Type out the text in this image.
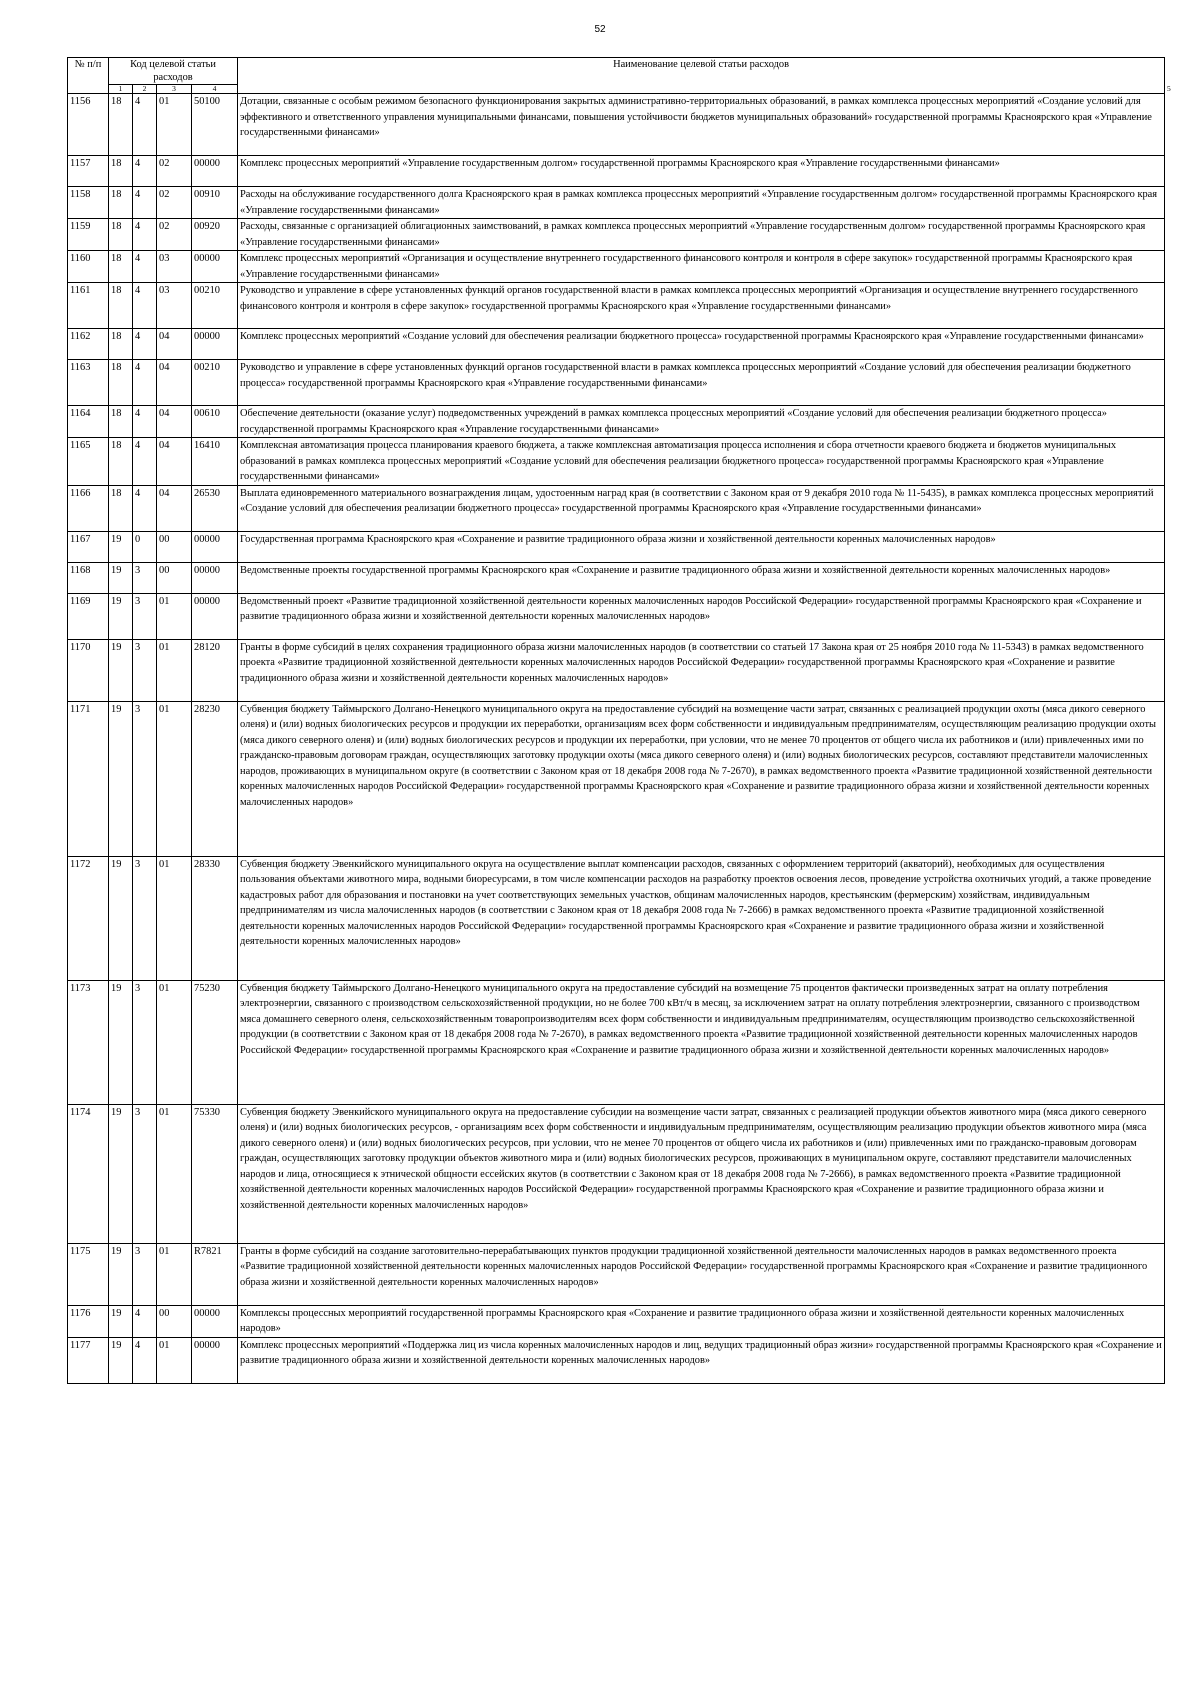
52
№ п/п	Код целевой статьи расходов				Наименование целевой статьи расходов	
	1	2	3	4		5
1156	18	4	01	50100	Дотации, связанные с особым режимом безопасного функционирования закрытых административно-территориальных образований, в рамках комплекса процессных мероприятий «Создание условий для эффективного и ответственного управления муниципальными финансами, повышения устойчивости бюджетов муниципальных образований» государственной программы Красноярского края «Управление государственными финансами»	
1157	18	4	02	00000	Комплекс процессных мероприятий «Управление государственным долгом» государственной программы Красноярского края «Управление государственными финансами»	
1158	18	4	02	00910	Расходы на обслуживание государственного долга Красноярского края в рамках комплекса процессных мероприятий «Управление государственным долгом» государственной программы Красноярского края «Управление государственными финансами»	
1159	18	4	02	00920	Расходы, связанные с организацией облигационных заимствований, в рамках комплекса процессных мероприятий «Управление государственным долгом» государственной программы Красноярского края «Управление государственными финансами»	
1160	18	4	03	00000	Комплекс процессных мероприятий «Организация и осуществление внутреннего государственного финансового контроля и контроля в сфере закупок» государственной программы Красноярского края «Управление государственными финансами»	
1161	18	4	03	00210	Руководство и управление в сфере установленных функций органов государственной власти в рамках комплекса процессных мероприятий «Организация и осуществление внутреннего государственного финансового контроля и контроля в сфере закупок» государственной программы Красноярского края «Управление государственными финансами»	
1162	18	4	04	00000	Комплекс процессных мероприятий «Создание условий для обеспечения реализации бюджетного процесса» государственной программы Красноярского края «Управление государственными финансами»	
1163	18	4	04	00210	Руководство и управление в сфере установленных функций органов государственной власти в рамках комплекса процессных мероприятий «Создание условий для обеспечения реализации бюджетного процесса» государственной программы Красноярского края «Управление государственными финансами»	
1164	18	4	04	00610	Обеспечение деятельности (оказание услуг) подведомственных учреждений в рамках комплекса процессных мероприятий «Создание условий для обеспечения реализации бюджетного процесса» государственной программы Красноярского края «Управление государственными финансами»	
1165	18	4	04	16410	Комплексная автоматизация процесса планирования краевого бюджета, а также комплексная автоматизация процесса исполнения и сбора отчетности краевого бюджета и бюджетов муниципальных образований в рамках комплекса процессных мероприятий «Создание условий для обеспечения реализации бюджетного процесса» государственной программы Красноярского края «Управление государственными финансами»	
1166	18	4	04	26530	Выплата единовременного материального вознаграждения лицам, удостоенным наград края (в соответствии с Законом края от 9 декабря 2010 года № 11-5435), в рамках комплекса процессных мероприятий «Создание условий для обеспечения реализации бюджетного процесса» государственной программы Красноярского края «Управление государственными финансами»	
1167	19	0	00	00000	Государственная программа Красноярского края «Сохранение и развитие традиционного образа жизни и хозяйственной деятельности коренных малочисленных народов»	
1168	19	3	00	00000	Ведомственные проекты государственной программы Красноярского края «Сохранение и развитие традиционного образа жизни и хозяйственной деятельности коренных малочисленных народов»	
1169	19	3	01	00000	Ведомственный проект «Развитие традиционной хозяйственной деятельности коренных малочисленных народов Российской Федерации» государственной программы Красноярского края «Сохранение и развитие традиционного образа жизни и хозяйственной деятельности коренных малочисленных народов»	
1170	19	3	01	28120	Гранты в форме субсидий в целях сохранения традиционного образа жизни малочисленных народов (в соответствии со статьей 17 Закона края от 25 ноября 2010 года № 11-5343) в рамках ведомственного проекта «Развитие традиционной хозяйственной деятельности коренных малочисленных народов Российской Федерации» государственной программы Красноярского края «Сохранение и развитие традиционного образа жизни и хозяйственной деятельности коренных малочисленных народов»	
1171	19	3	01	28230	Субвенция бюджету Таймырского Долгано-Ненецкого муниципального округа на предоставление субсидий на возмещение части затрат, связанных с реализацией продукции охоты (мяса дикого северного оленя) и (или) водных биологических ресурсов и продукции их переработки, организациям всех форм собственности и индивидуальным предпринимателям, осуществляющим реализацию продукции охоты (мяса дикого северного оленя) и (или) водных биологических ресурсов и продукции их переработки, при условии, что не менее 70 процентов от общего числа их работников и (или) привлеченных ими по гражданско-правовым договорам граждан, осуществляющих заготовку продукции охоты (мяса дикого северного оленя) и (или) водных биологических ресурсов, составляют представители малочисленных народов, проживающих в муниципальном округе (в соответствии с Законом края от 18 декабря 2008 года № 7-2670), в рамках ведомственного проекта «Развитие традиционной хозяйственной деятельности коренных малочисленных народов Российской Федерации» государственной программы Красноярского края «Сохранение и развитие традиционного образа жизни и хозяйственной деятельности коренных малочисленных народов»	
1172	19	3	01	28330	Субвенция бюджету Эвенкийского муниципального округа на осуществление выплат компенсации расходов, связанных с оформлением территорий (акваторий), необходимых для осуществления пользования объектами животного мира, водными биоресурсами, в том числе компенсации расходов на разработку проектов освоения лесов, проведение устройства охотничьих угодий, а также проведение кадастровых работ для образования и постановки на учет соответствующих земельных участков, общинам малочисленных народов, крестьянским (фермерским) хозяйствам, индивидуальным предпринимателям из числа малочисленных народов (в соответствии с Законом края от 18 декабря 2008 года № 7-2666) в рамках ведомственного проекта «Развитие традиционной хозяйственной деятельности коренных малочисленных народов Российской Федерации» государственной программы Красноярского края «Сохранение и развитие традиционного образа жизни и хозяйственной деятельности коренных малочисленных народов»	
1173	19	3	01	75230	Субвенция бюджету Таймырского Долгано-Ненецкого муниципального округа на предоставление субсидий на возмещение 75 процентов фактически произведенных затрат на оплату потребления электроэнергии, связанного с производством сельскохозяйственной продукции, но не более 700 кВт/ч в месяц, за исключением затрат на оплату потребления электроэнергии, связанного с производством мяса домашнего северного оленя, сельскохозяйственным товаропроизводителям всех форм собственности и индивидуальным предпринимателям, осуществляющим производство сельскохозяйственной продукции (в соответствии с Законом края от 18 декабря 2008 года № 7-2670), в рамках ведомственного проекта «Развитие традиционной хозяйственной деятельности коренных малочисленных народов Российской Федерации» государственной программы Красноярского края «Сохранение и развитие традиционного образа жизни и хозяйственной деятельности коренных малочисленных народов»	
1174	19	3	01	75330	Субвенция бюджету Эвенкийского муниципального округа на предоставление субсидии на возмещение части затрат, связанных с реализацией продукции объектов животного мира (мяса дикого северного оленя) и (или) водных биологических ресурсов, - организациям всех форм собственности и индивидуальным предпринимателям, осуществляющим реализацию продукции объектов животного мира (мяса дикого северного оленя) и (или) водных биологических ресурсов, при условии, что не менее 70 процентов от общего числа их работников и (или) привлеченных ими по гражданско-правовым договорам граждан, осуществляющих заготовку продукции объектов животного мира и (или) водных биологических ресурсов, проживающих в муниципальном округе, составляют представители малочисленных народов и лица, относящиеся к этнической общности ессейских якутов (в соответствии с Законом края от 18 декабря 2008 года № 7-2666), в рамках ведомственного проекта «Развитие традиционной хозяйственной деятельности коренных малочисленных народов Российской Федерации» государственной программы Красноярского края «Сохранение и развитие традиционного образа жизни и хозяйственной деятельности коренных малочисленных народов»	
1175	19	3	01	R7821	Гранты в форме субсидий на создание заготовительно-перерабатывающих пунктов продукции традиционной хозяйственной деятельности малочисленных народов в рамках ведомственного проекта «Развитие традиционной хозяйственной деятельности коренных малочисленных народов Российской Федерации» государственной программы Красноярского края «Сохранение и развитие традиционного образа жизни и хозяйственной деятельности коренных малочисленных народов»	
1176	19	4	00	00000	Комплексы процессных мероприятий государственной программы Красноярского края «Сохранение и развитие традиционного образа жизни и хозяйственной деятельности коренных малочисленных народов»	
1177	19	4	01	00000	Комплекс процессных мероприятий «Поддержка лиц из числа коренных малочисленных народов и лиц, ведущих традиционный образ жизни» государственной программы Красноярского края «Сохранение и развитие традиционного образа жизни и хозяйственной деятельности коренных малочисленных народов»	
